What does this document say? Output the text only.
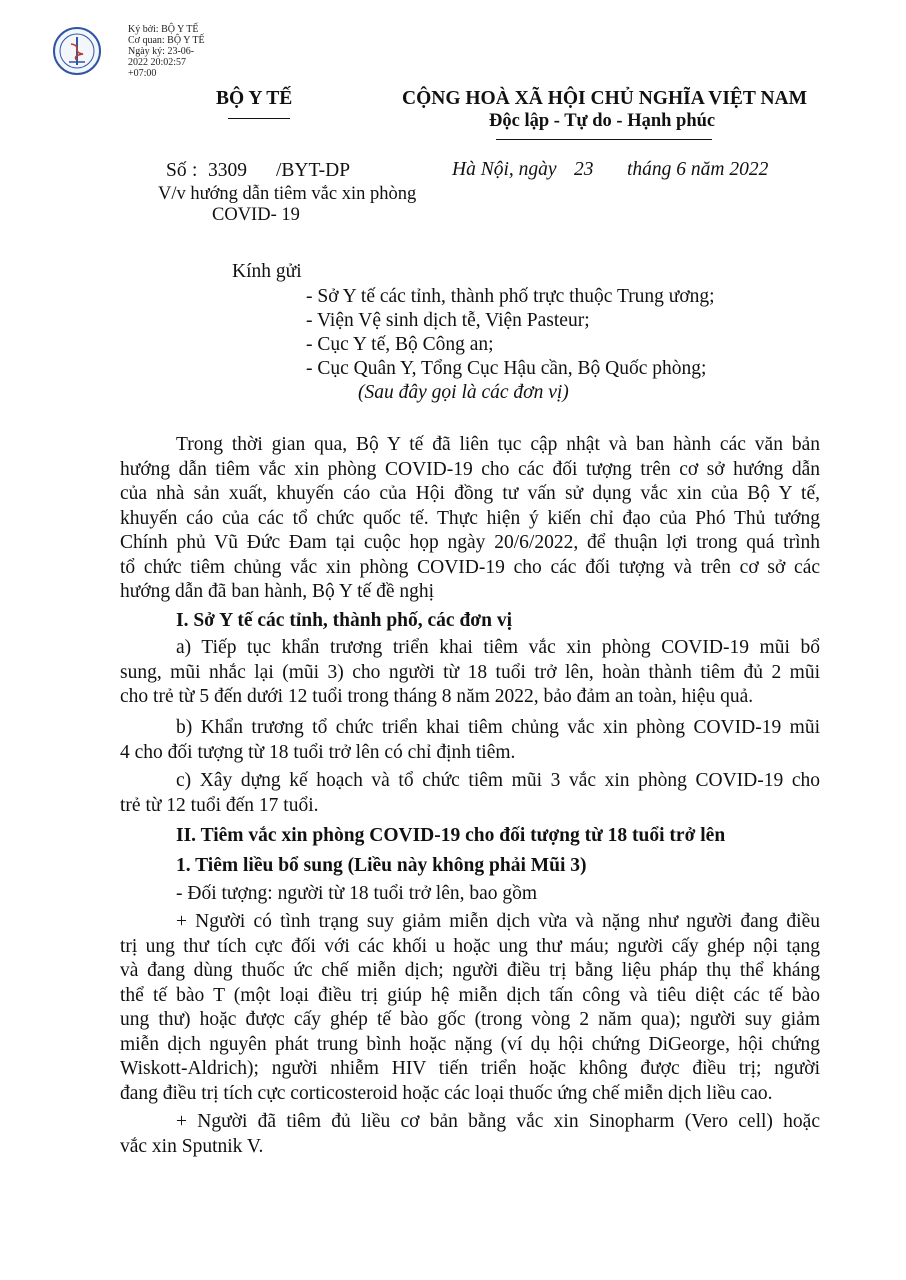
Ký bởi: BỘ Y TẾ
Cơ quan: BỘ Y TẾ
Ngày ký: 23-06-
2022 20:02:57
+07:00
BỘ Y TẾ	CỘNG HOÀ XÃ HỘI CHỦ NGHĨA VIỆT NAM
Độc lập - Tự do - Hạnh phúc
Số : 3309 /BYT-DP
V/v hướng dẫn tiêm vắc xin phòng
COVID- 19
Hà Nội, ngày 23 tháng 6 năm 2022
Kính gửi
- Sở Y tế các tỉnh, thành phố trực thuộc Trung ương;
- Viện Vệ sinh dịch tễ, Viện Pasteur;
- Cục Y tế, Bộ Công an;
- Cục Quân Y, Tổng Cục Hậu cần, Bộ Quốc phòng;
(Sau đây gọi là các đơn vị)
Trong thời gian qua, Bộ Y tế đã liên tục cập nhật và ban hành các văn bản
hướng dẫn tiêm vắc xin phòng COVID-19 cho các đối tượng trên cơ sở hướng dẫn
của nhà sản xuất, khuyến cáo của Hội đồng tư vấn sử dụng vắc xin của Bộ Y tế,
khuyến cáo của các tổ chức quốc tế. Thực hiện ý kiến chỉ đạo của Phó Thủ tướng
Chính phủ Vũ Đức Đam tại cuộc họp ngày 20/6/2022, để thuận lợi trong quá trình
tổ chức tiêm chủng vắc xin phòng COVID-19 cho các đối tượng và trên cơ sở các
hướng dẫn đã ban hành, Bộ Y tế đề nghị
I. Sở Y tế các tỉnh, thành phố, các đơn vị
a) Tiếp tục khẩn trương triển khai tiêm vắc xin phòng COVID-19 mũi bổ
sung, mũi nhắc lại (mũi 3) cho người từ 18 tuổi trở lên, hoàn thành tiêm đủ 2 mũi
cho trẻ từ 5 đến dưới 12 tuổi trong tháng 8 năm 2022, bảo đảm an toàn, hiệu quả.
b) Khẩn trương tổ chức triển khai tiêm chủng vắc xin phòng COVID-19 mũi
4 cho đối tượng từ 18 tuổi trở lên có chỉ định tiêm.
c) Xây dựng kế hoạch và tổ chức tiêm mũi 3 vắc xin phòng COVID-19 cho
trẻ từ 12 tuổi đến 17 tuổi.
II. Tiêm vắc xin phòng COVID-19 cho đối tượng từ 18 tuổi trở lên
1. Tiêm liều bổ sung (Liều này không phải Mũi 3)
- Đối tượng: người từ 18 tuổi trở lên, bao gồm
+ Người có tình trạng suy giảm miễn dịch vừa và nặng như người đang điều
trị ung thư tích cực đối với các khối u hoặc ung thư máu; người cấy ghép nội tạng
và đang dùng thuốc ức chế miễn dịch; người điều trị bằng liệu pháp thụ thể kháng
thể tế bào T (một loại điều trị giúp hệ miễn dịch tấn công và tiêu diệt các tế bào
ung thư) hoặc được cấy ghép tế bào gốc (trong vòng 2 năm qua); người suy giảm
miễn dịch nguyên phát trung bình hoặc nặng (ví dụ hội chứng DiGeorge, hội chứng
Wiskott-Aldrich); người nhiễm HIV tiến triển hoặc không được điều trị; người
đang điều trị tích cực corticosteroid hoặc các loại thuốc ứng chế miễn dịch liều cao.
+ Người đã tiêm đủ liều cơ bản bằng vắc xin Sinopharm (Vero cell) hoặc
vắc xin Sputnik V.
